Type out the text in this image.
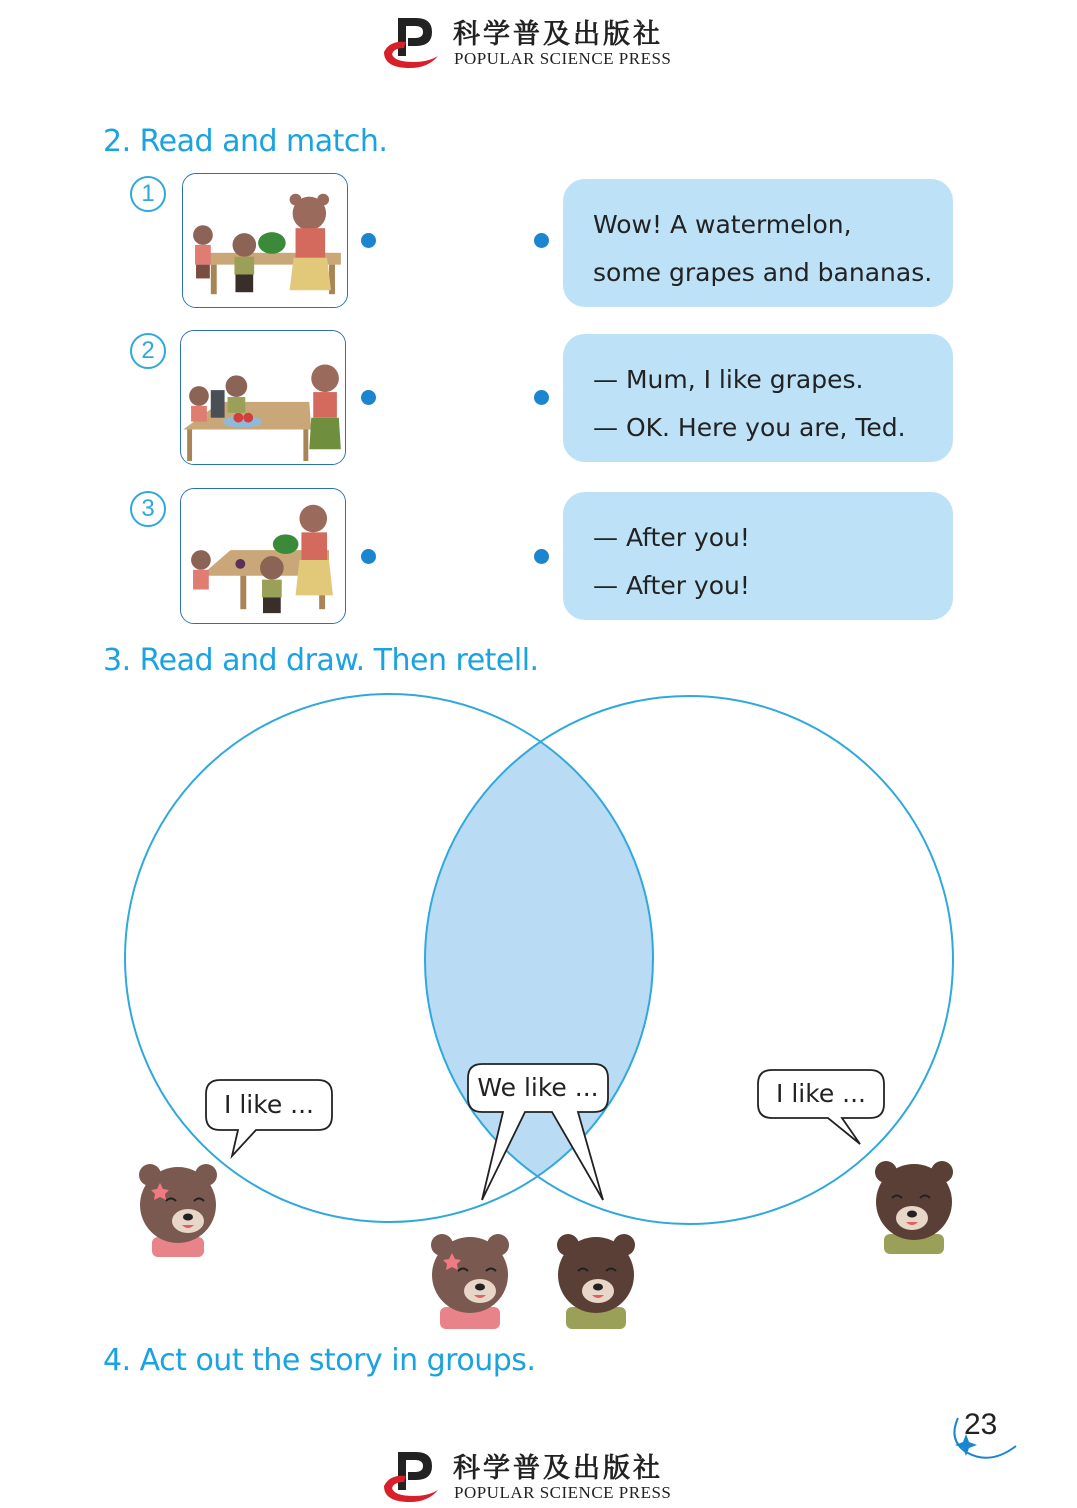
科学普及出版社
POPULAR SCIENCE PRESS
2. Read and match.
1
Wow! A watermelon,
some grapes and bananas.
2
— Mum, I like grapes.
— OK. Here you are, Ted.
3
— After you!
— After you!
3. Read and draw. Then retell.
I like ...
We like ...	I like ...
4. Act out the story in groups.
23
科学普及出版社
POPULAR SCIENCE PRESS
